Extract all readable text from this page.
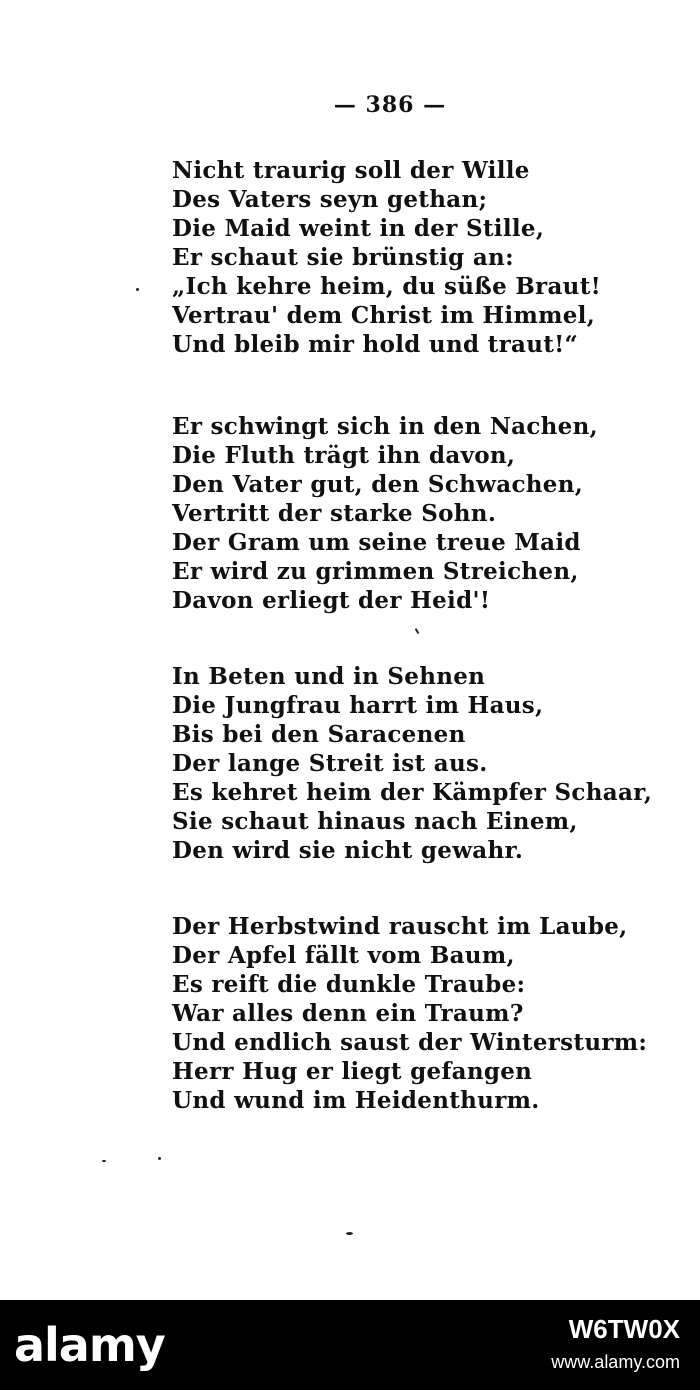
— 386 —
Nicht traurig soll der Wille
Des Vaters seyn gethan;
Die Maid weint in der Stille,
Er schaut sie brünstig an:
„Ich kehre heim, du süße Braut!
Vertrau' dem Christ im Himmel,
Und bleib mir hold und traut!“
Er schwingt sich in den Nachen,
Die Fluth trägt ihn davon,
Den Vater gut, den Schwachen,
Vertritt der starke Sohn.
Der Gram um seine treue Maid
Er wird zu grimmen Streichen,
Davon erliegt der Heid'!
In Beten und in Sehnen
Die Jungfrau harrt im Haus,
Bis bei den Saracenen
Der lange Streit ist aus.
Es kehret heim der Kämpfer Schaar,
Sie schaut hinaus nach Einem,
Den wird sie nicht gewahr.
Der Herbstwind rauscht im Laube,
Der Apfel fällt vom Baum,
Es reift die dunkle Traube:
War alles denn ein Traum?
Und endlich saust der Wintersturm:
Herr Hug er liegt gefangen
Und wund im Heidenthurm.
alamy	W6TW0X
www.alamy.com
